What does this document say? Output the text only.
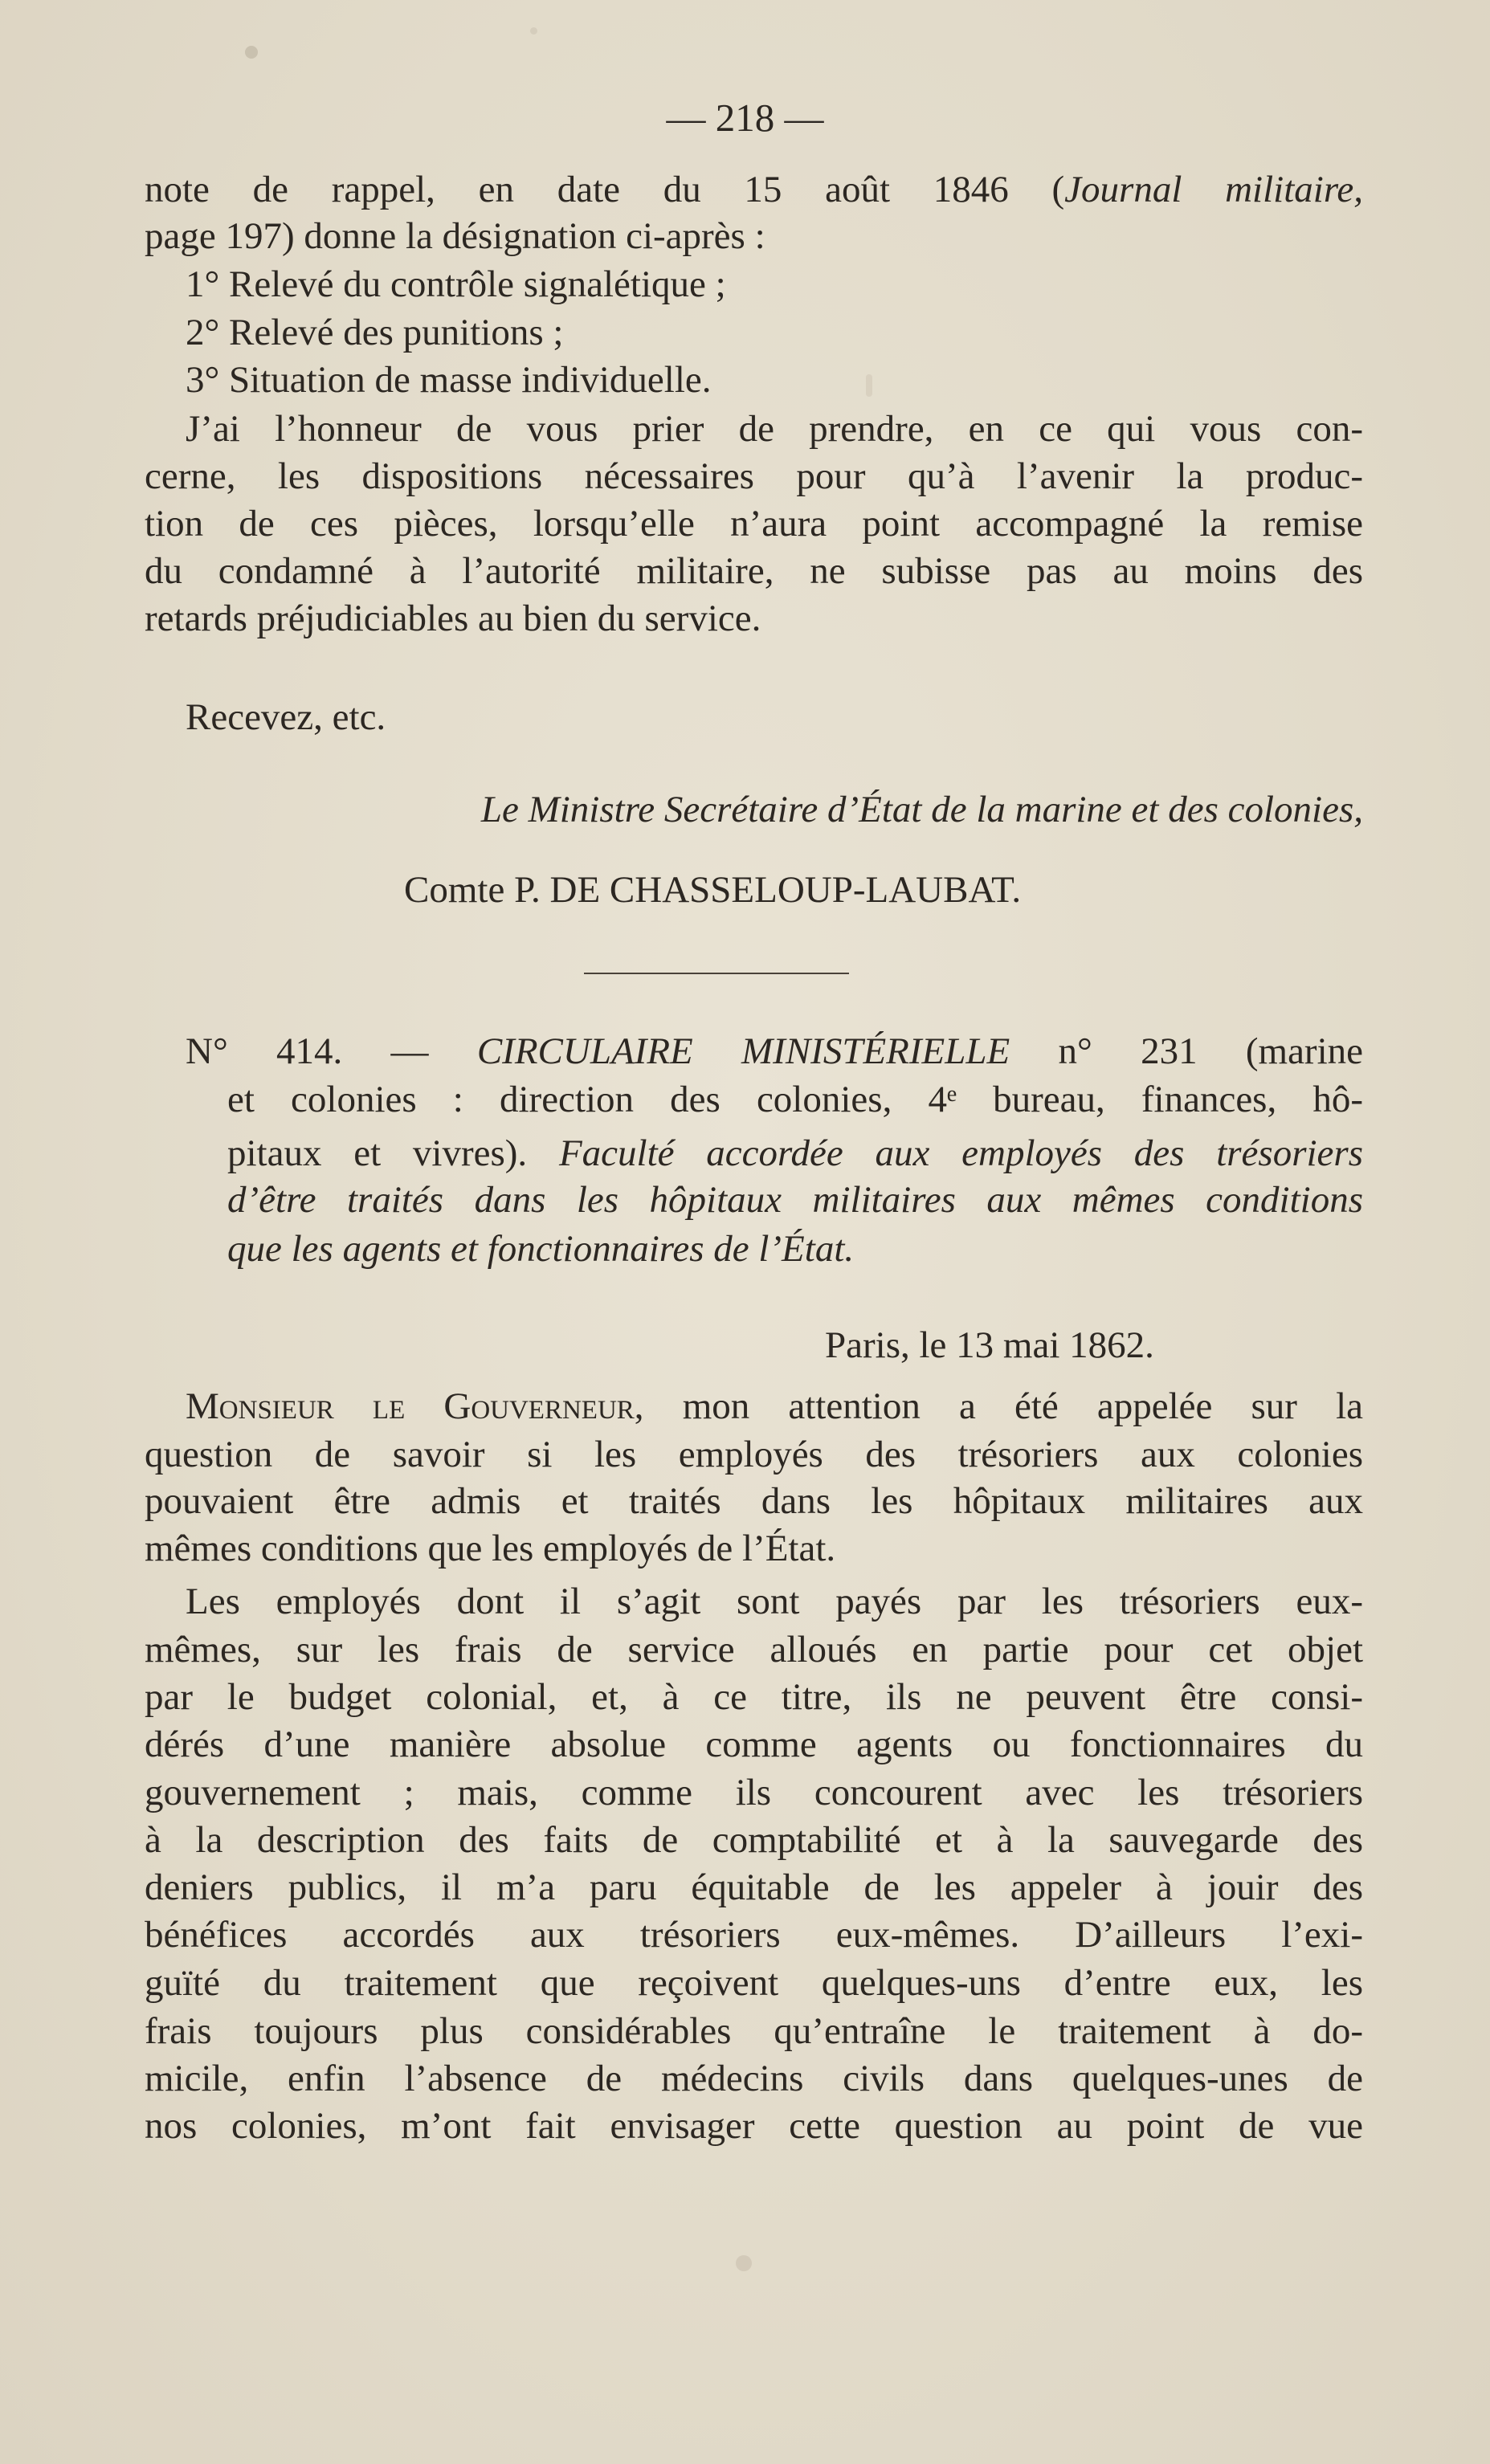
— 218 —
note de rappel, en date du 15 août 1846 (Journal militaire,
page 197) donne la désignation ci-après :
1° Relevé du contrôle signalétique ;
2° Relevé des punitions ;
3° Situation de masse individuelle.
J’ai l’honneur de vous prier de prendre, en ce qui vous con-
cerne, les dispositions nécessaires pour qu’à l’avenir la produc-
tion de ces pièces, lorsqu’elle n’aura point accompagné la remise
du condamné à l’autorité militaire, ne subisse pas au moins des
retards préjudiciables au bien du service.
Recevez, etc.
Le Ministre Secrétaire d’État de la marine et des colonies,
Comte P. DE CHASSELOUP-LAUBAT.
N° 414. — CIRCULAIRE MINISTÉRIELLE n° 231 (marine
et colonies : direction des colonies, 4ᵉ bureau, finances, hô-
pitaux et vivres). Faculté accordée aux employés des trésoriers
d’être traités dans les hôpitaux militaires aux mêmes conditions
que les agents et fonctionnaires de l’État.
Paris, le 13 mai 1862.
Monsieur le Gouverneur, mon attention a été appelée sur la
question de savoir si les employés des trésoriers aux colonies
pouvaient être admis et traités dans les hôpitaux militaires aux
mêmes conditions que les employés de l’État.
Les employés dont il s’agit sont payés par les trésoriers eux-
mêmes, sur les frais de service alloués en partie pour cet objet
par le budget colonial, et, à ce titre, ils ne peuvent être consi-
dérés d’une manière absolue comme agents ou fonctionnaires du
gouvernement ; mais, comme ils concourent avec les trésoriers
à la description des faits de comptabilité et à la sauvegarde des
deniers publics, il m’a paru équitable de les appeler à jouir des
bénéfices accordés aux trésoriers eux-mêmes. D’ailleurs l’exi-
guïté du traitement que reçoivent quelques-uns d’entre eux, les
frais toujours plus considérables qu’entraîne le traitement à do-
micile, enfin l’absence de médecins civils dans quelques-unes de
nos colonies, m’ont fait envisager cette question au point de vue
